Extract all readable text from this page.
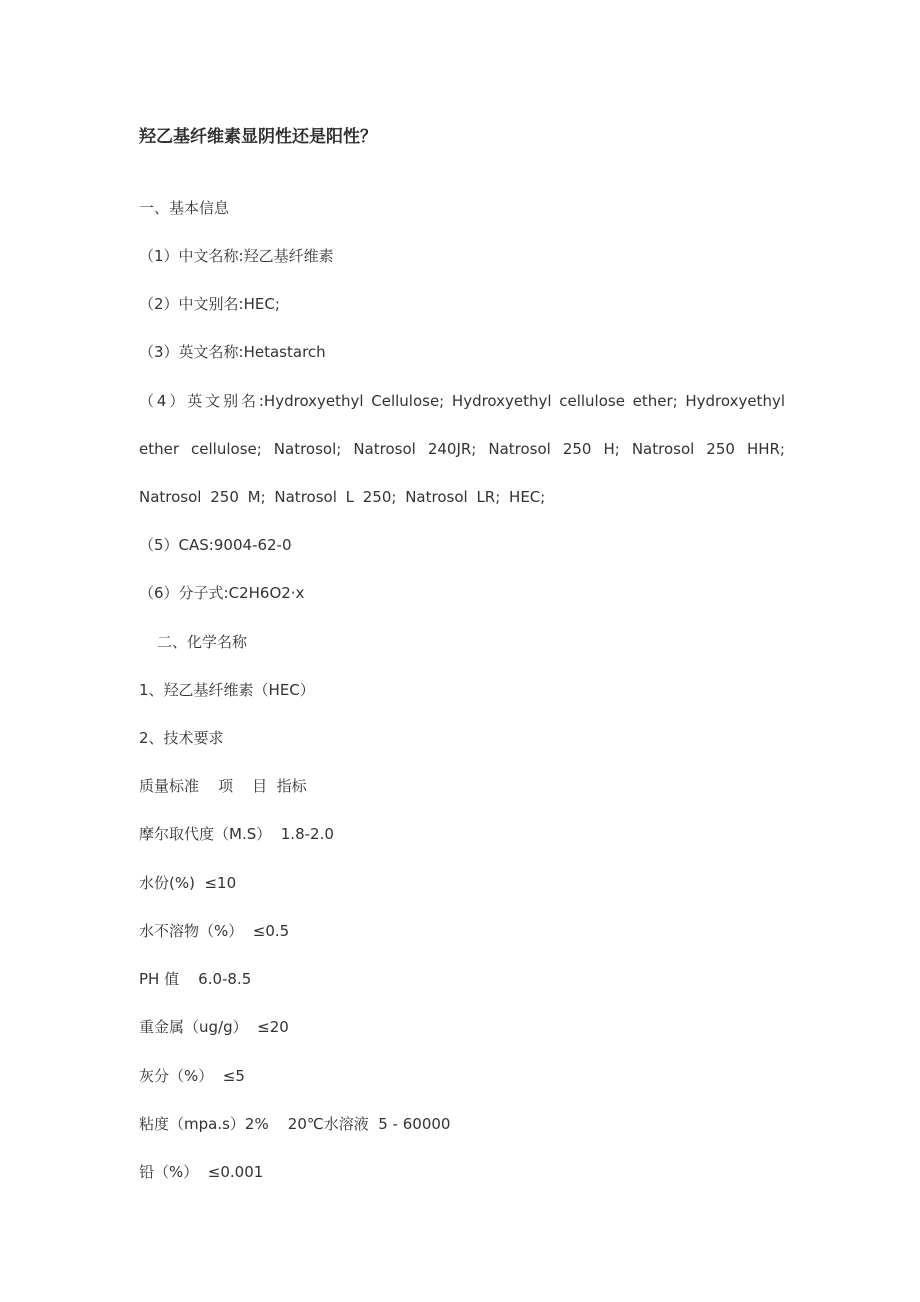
羟乙基纤维素显阴性还是阳性？
一、基本信息
（1）中文名称:羟乙基纤维素
（2）中文别名:HEC;
（3）英文名称:Hetastarch
（4）英文别名:Hydroxyethyl Cellulose; Hydroxyethyl cellulose ether; Hydroxyethyl
ether cellulose; Natrosol; Natrosol 240JR; Natrosol 250 H; Natrosol 250 HHR;
Natrosol 250 M; Natrosol L 250; Natrosol LR; HEC;
（5）CAS:9004-62-0
（6）分子式:C2H6O2·x
二、化学名称
1、羟乙基纤维素（HEC）
2、技术要求
质量标准    项    目  指标
摩尔取代度（M.S）  1.8-2.0
水份(%)  ≤10
水不溶物（%）  ≤0.5
PH 值    6.0-8.5
重金属（ug/g）  ≤20
灰分（%）  ≤5
粘度（mpa.s）2%    20℃水溶液  5 - 60000
铅（%）  ≤0.001
